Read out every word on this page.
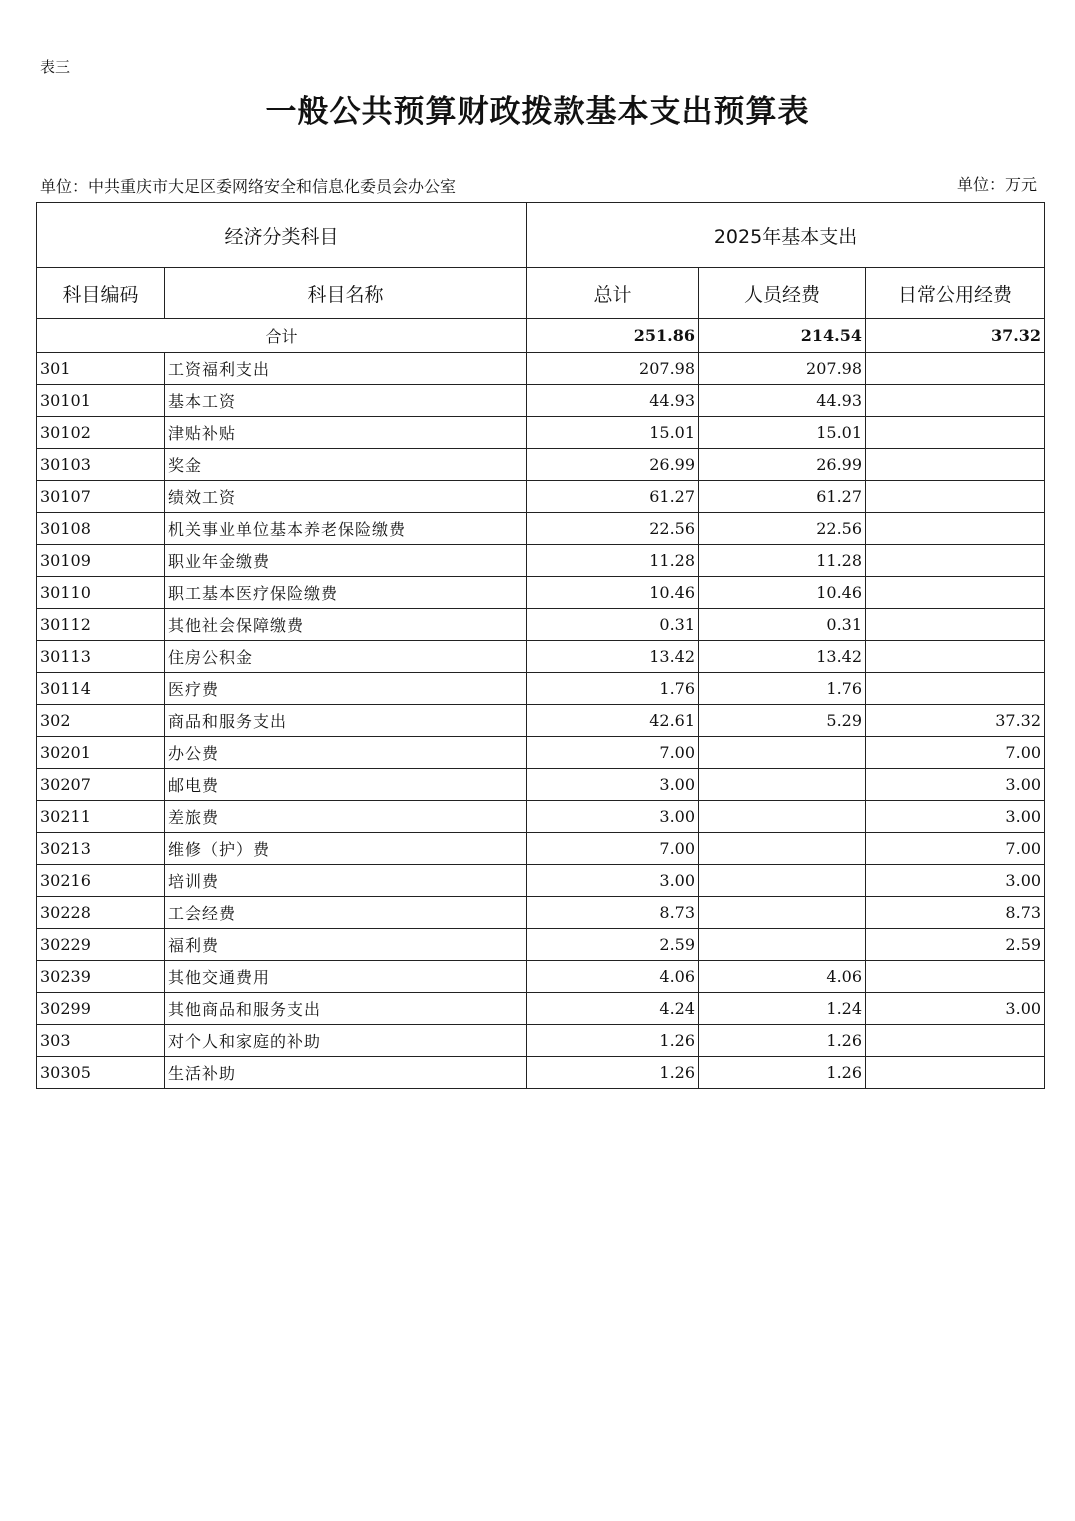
表三
一般公共预算财政拨款基本支出预算表
单位：中共重庆市大足区委网络安全和信息化委员会办公室	单位：万元
经济分类科目		2025年基本支出		
科目编码	科目名称	总计	人员经费	日常公用经费
合计		251.86	214.54	37.32
301	工资福利支出	207.98	207.98	
30101	基本工资	44.93	44.93	
30102	津贴补贴	15.01	15.01	
30103	奖金	26.99	26.99	
30107	绩效工资	61.27	61.27	
30108	机关事业单位基本养老保险缴费	22.56	22.56	
30109	职业年金缴费	11.28	11.28	
30110	职工基本医疗保险缴费	10.46	10.46	
30112	其他社会保障缴费	0.31	0.31	
30113	住房公积金	13.42	13.42	
30114	医疗费	1.76	1.76	
302	商品和服务支出	42.61	5.29	37.32
30201	办公费	7.00		7.00
30207	邮电费	3.00		3.00
30211	差旅费	3.00		3.00
30213	维修（护）费	7.00		7.00
30216	培训费	3.00		3.00
30228	工会经费	8.73		8.73
30229	福利费	2.59		2.59
30239	其他交通费用	4.06	4.06	
30299	其他商品和服务支出	4.24	1.24	3.00
303	对个人和家庭的补助	1.26	1.26	
30305	生活补助	1.26	1.26	
